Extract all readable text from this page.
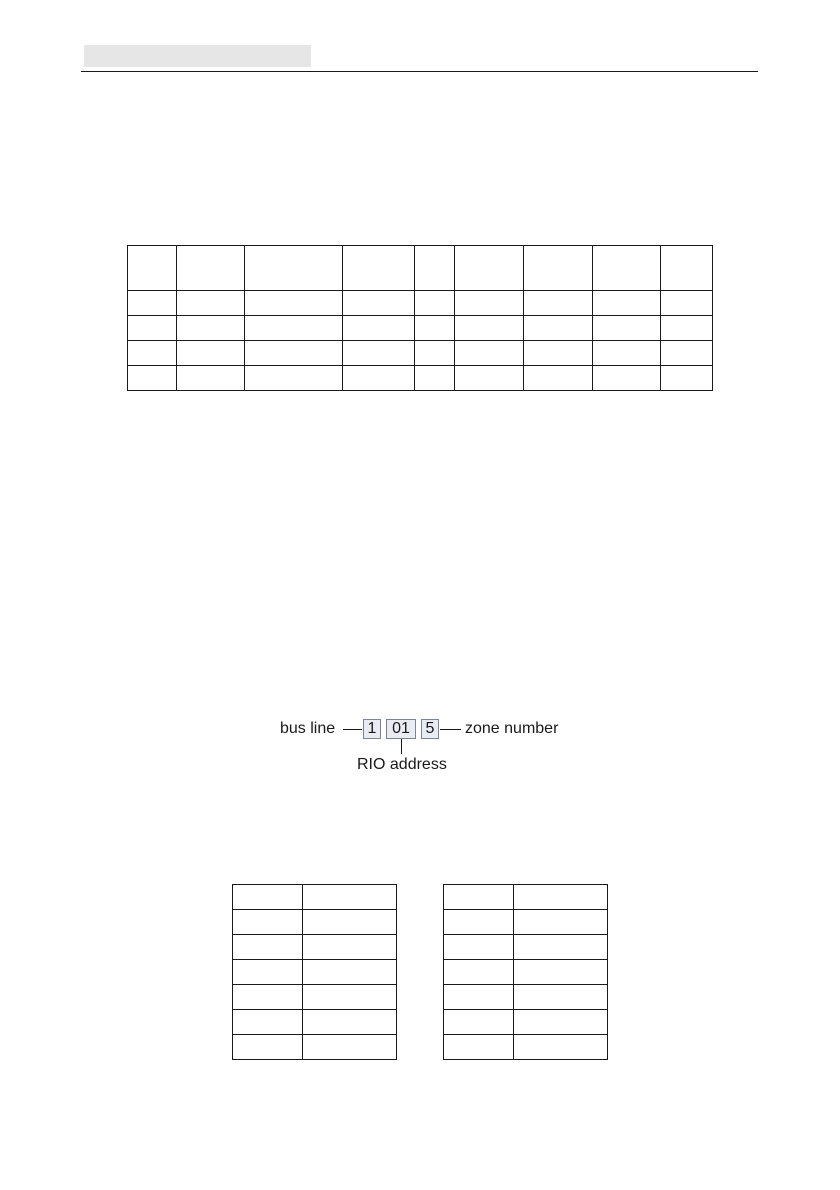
bus line 1 01 5 zone number
RIO address
